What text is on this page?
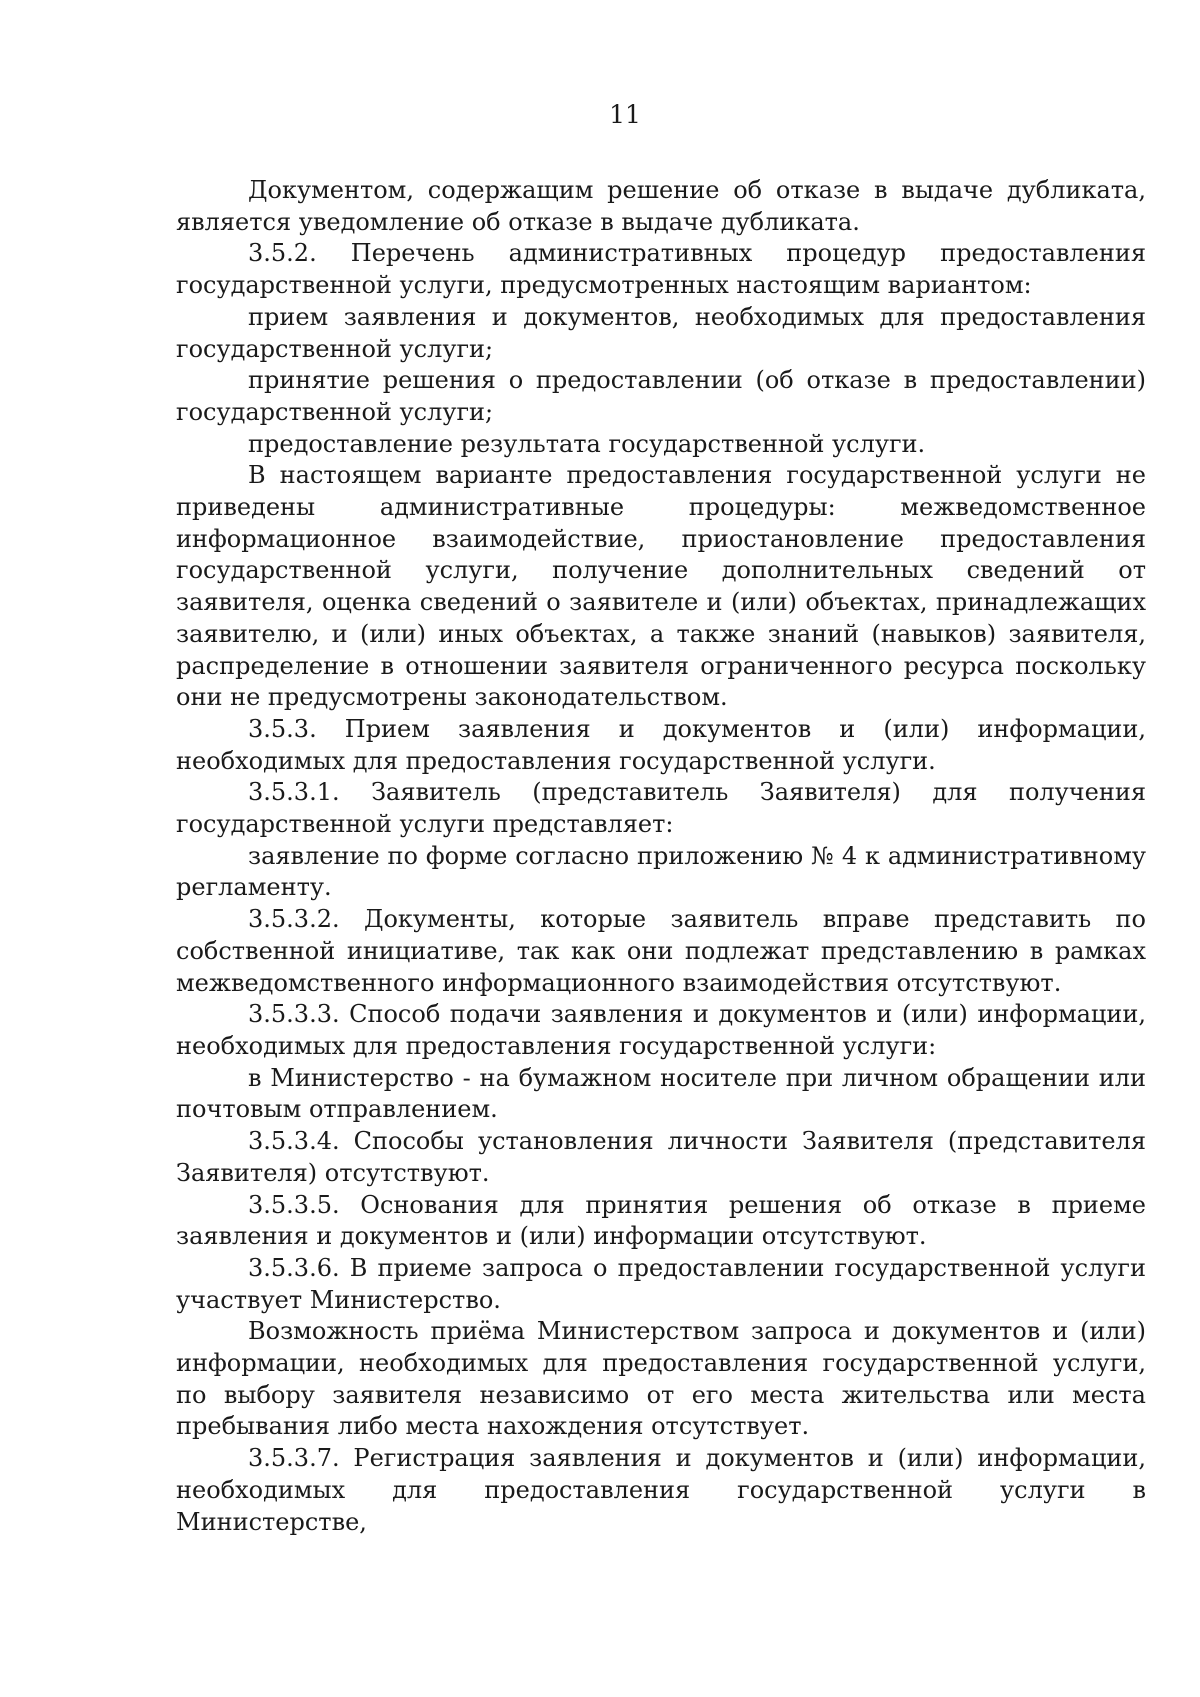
11

Документом, содержащим решение об отказе в выдаче дубликата, является уведомление об отказе в выдаче дубликата.

3.5.2. Перечень административных процедур предоставления государственной услуги, предусмотренных настоящим вариантом:

прием заявления и документов, необходимых для предоставления государственной услуги;

принятие решения о предоставлении (об отказе в предоставлении) государственной услуги;

предоставление результата государственной услуги.

В настоящем варианте предоставления государственной услуги не приведены административные процедуры: межведомственное информационное взаимодействие, приостановление предоставления государственной услуги, получение дополнительных сведений от заявителя, оценка сведений о заявителе и (или) объектах, принадлежащих заявителю, и (или) иных объектах, а также знаний (навыков) заявителя, распределение в отношении заявителя ограниченного ресурса поскольку они не предусмотрены законодательством.

3.5.3. Прием заявления и документов и (или) информации, необходимых для предоставления государственной услуги.

3.5.3.1. Заявитель (представитель Заявителя) для получения государственной услуги представляет:

заявление по форме согласно приложению № 4 к административному регламенту.

3.5.3.2. Документы, которые заявитель вправе представить по собственной инициативе, так как они подлежат представлению в рамках межведомственного информационного взаимодействия отсутствуют.

3.5.3.3. Способ подачи заявления и документов и (или) информации, необходимых для предоставления государственной услуги:

в Министерство - на бумажном носителе при личном обращении или почтовым отправлением.

3.5.3.4. Способы установления личности Заявителя (представителя Заявителя) отсутствуют.

3.5.3.5. Основания для принятия решения об отказе в приеме заявления и документов и (или) информации отсутствуют.

3.5.3.6. В приеме запроса о предоставлении государственной услуги участвует Министерство.

Возможность приёма Министерством запроса и документов и (или) информации, необходимых для предоставления государственной услуги, по выбору заявителя независимо от его места жительства или места пребывания либо места нахождения отсутствует.

3.5.3.7. Регистрация заявления и документов и (или) информации, необходимых для предоставления государственной услуги в Министерстве,
